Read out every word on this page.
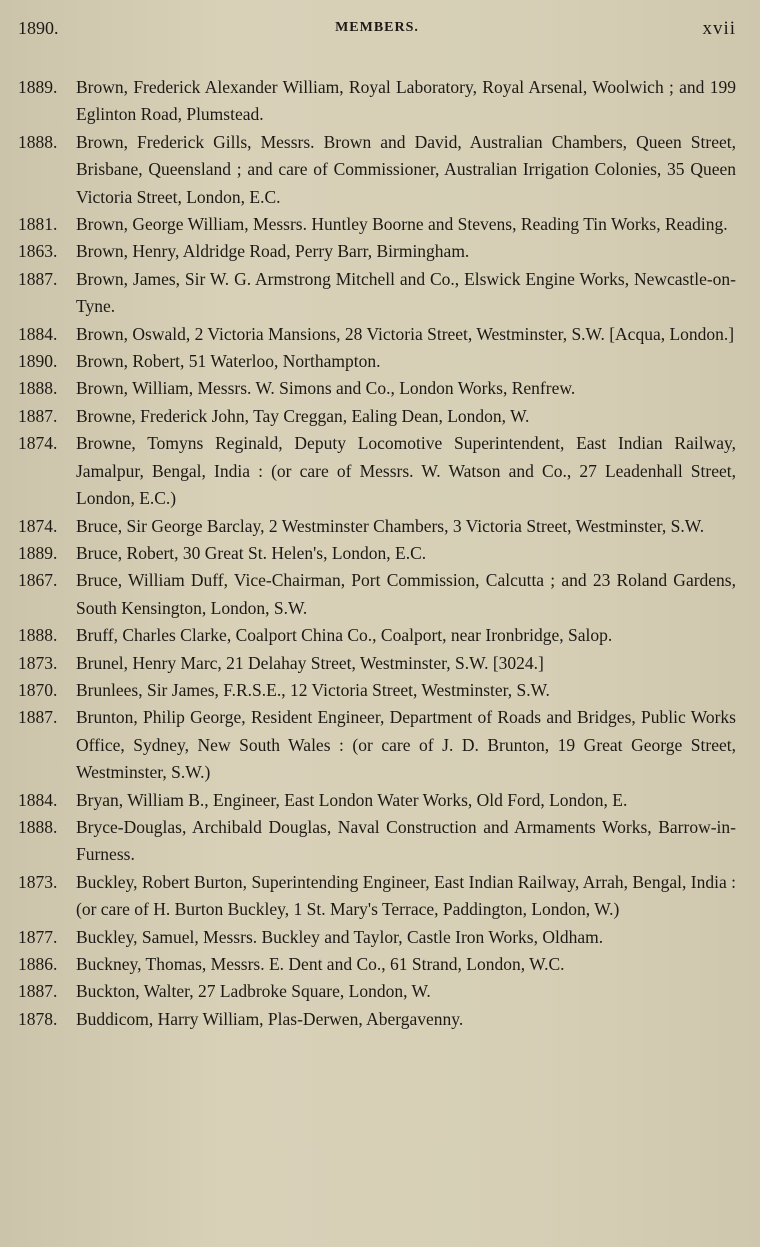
1890.	MEMBERS.	xvii
1889. Brown, Frederick Alexander William, Royal Laboratory, Royal Arsenal, Woolwich ; and 199 Eglinton Road, Plumstead.
1888. Brown, Frederick Gills, Messrs. Brown and David, Australian Chambers, Queen Street, Brisbane, Queensland ; and care of Commissioner, Australian Irrigation Colonies, 35 Queen Victoria Street, London, E.C.
1881. Brown, George William, Messrs. Huntley Boorne and Stevens, Reading Tin Works, Reading.
1863. Brown, Henry, Aldridge Road, Perry Barr, Birmingham.
1887. Brown, James, Sir W. G. Armstrong Mitchell and Co., Elswick Engine Works, Newcastle-on-Tyne.
1884. Brown, Oswald, 2 Victoria Mansions, 28 Victoria Street, Westminster, S.W. [Acqua, London.]
1890. Brown, Robert, 51 Waterloo, Northampton.
1888. Brown, William, Messrs. W. Simons and Co., London Works, Renfrew.
1887. Browne, Frederick John, Tay Creggan, Ealing Dean, London, W.
1874. Browne, Tomyns Reginald, Deputy Locomotive Superintendent, East Indian Railway, Jamalpur, Bengal, India : (or care of Messrs. W. Watson and Co., 27 Leadenhall Street, London, E.C.)
1874. Bruce, Sir George Barclay, 2 Westminster Chambers, 3 Victoria Street, Westminster, S.W.
1889. Bruce, Robert, 30 Great St. Helen's, London, E.C.
1867. Bruce, William Duff, Vice-Chairman, Port Commission, Calcutta ; and 23 Roland Gardens, South Kensington, London, S.W.
1888. Bruff, Charles Clarke, Coalport China Co., Coalport, near Ironbridge, Salop.
1873. Brunel, Henry Marc, 21 Delahay Street, Westminster, S.W. [3024.]
1870. Brunlees, Sir James, F.R.S.E., 12 Victoria Street, Westminster, S.W.
1887. Brunton, Philip George, Resident Engineer, Department of Roads and Bridges, Public Works Office, Sydney, New South Wales : (or care of J. D. Brunton, 19 Great George Street, Westminster, S.W.)
1884. Bryan, William B., Engineer, East London Water Works, Old Ford, London, E.
1888. Bryce-Douglas, Archibald Douglas, Naval Construction and Armaments Works, Barrow-in-Furness.
1873. Buckley, Robert Burton, Superintending Engineer, East Indian Railway, Arrah, Bengal, India : (or care of H. Burton Buckley, 1 St. Mary's Terrace, Paddington, London, W.)
1877. Buckley, Samuel, Messrs. Buckley and Taylor, Castle Iron Works, Oldham.
1886. Buckney, Thomas, Messrs. E. Dent and Co., 61 Strand, London, W.C.
1887. Buckton, Walter, 27 Ladbroke Square, London, W.
1878. Buddicom, Harry William, Plas-Derwen, Abergavenny.
